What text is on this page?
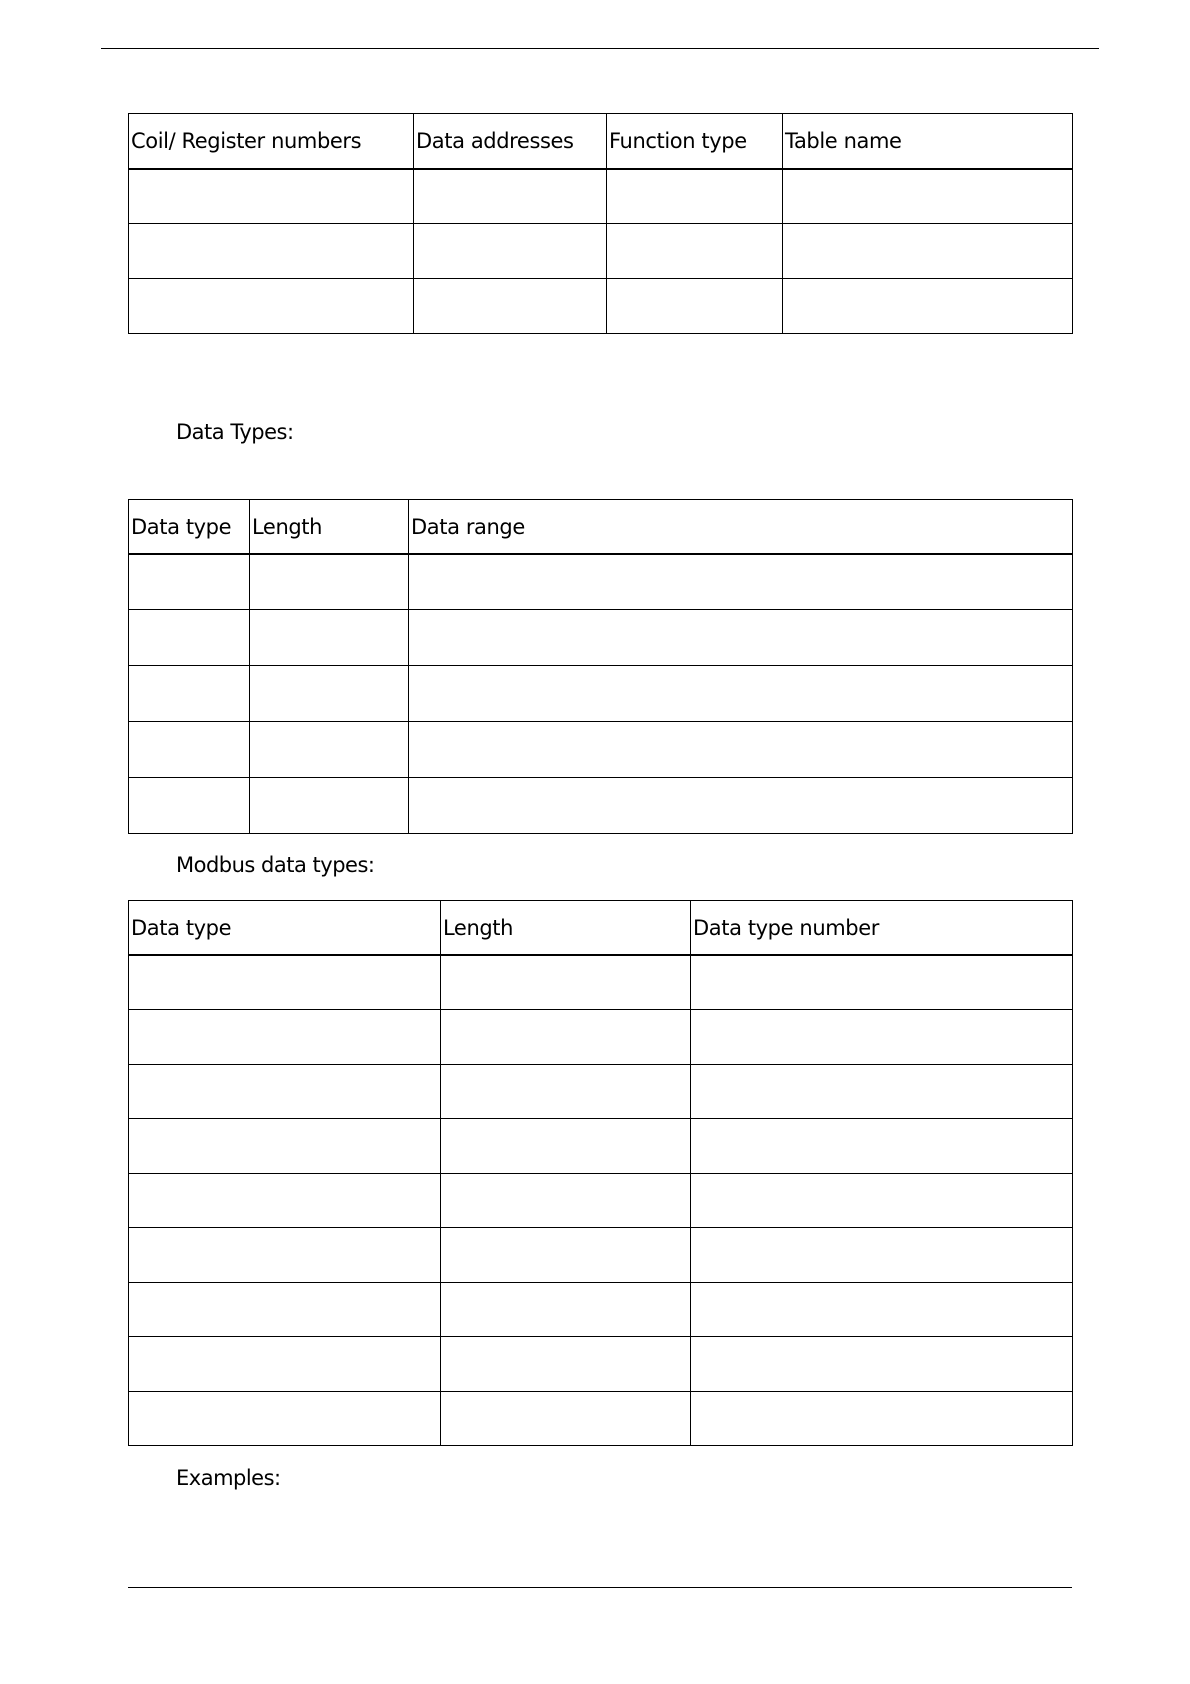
Coil/ Register numbers	Data addresses	Function type	Table name

Data Types:
Data type	Length	Data range

Modbus data types:
Data type	Length	Data type number

Examples:
